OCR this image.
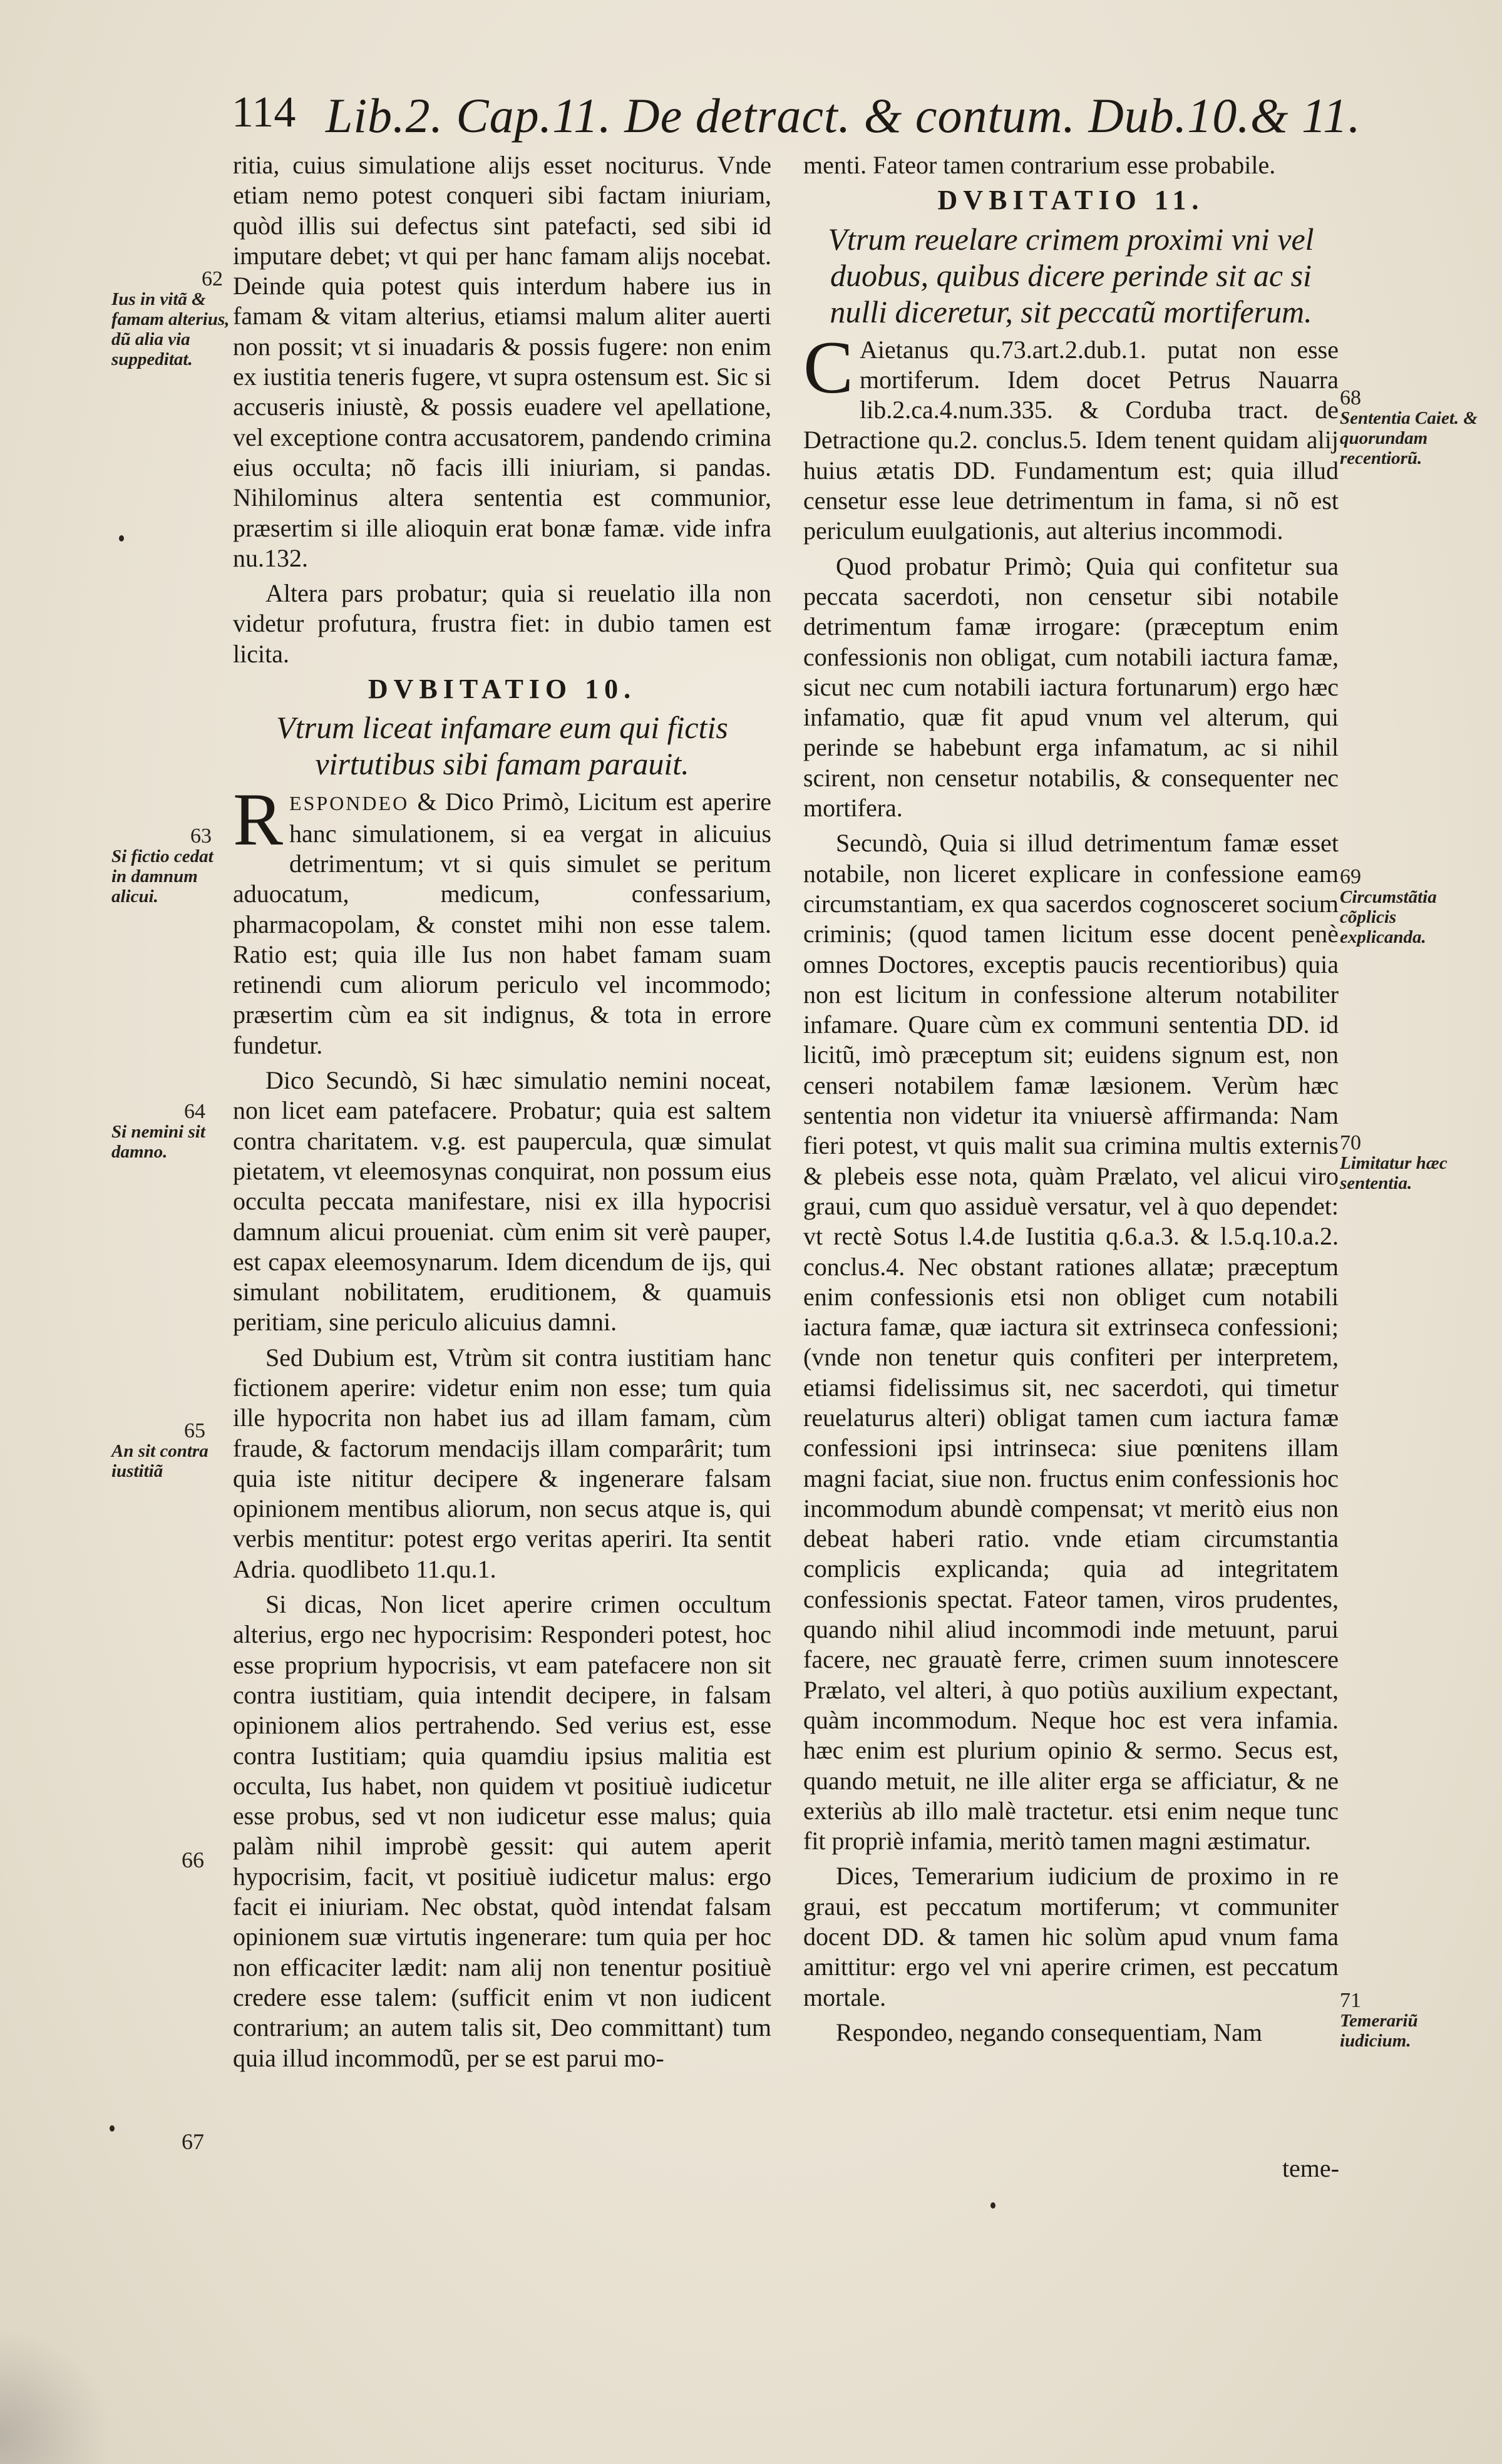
114 Lib.2. Cap.11. De detract. & contum. Dub.10.& 11.

ritia, cuius simulatione alijs esset nociturus. Vnde etiam nemo potest conqueri sibi factam iniuriam, quòd illis sui defectus sint patefacti, sed sibi id imputare debet; vt qui per hanc famam alijs nocebat. Deinde quia potest quis interdum habere ius in famam & vitam alterius, etiamsi malum aliter auerti non possit; vt si inuadaris & possis fugere: non enim ex iustitia teneris fugere, vt supra ostensum est. Sic si accuseris iniustè, & possis euadere vel apellatione, vel exceptione contra accusatorem, pandendo crimina eius occulta; nõ facis illi iniuriam, si pandas. Nihilominus altera sententia est communior, præsertim si ille alioquin erat bonæ famæ. vide infra nu.132.

Altera pars probatur; quia si reuelatio illa non videtur profutura, frustra fiet: in dubio tamen est licita.

DVBITATIO 10.

Vtrum liceat infamare eum qui fictis virtutibus sibi famam parauit.

RESPONDEO & Dico Primò, Licitum est aperire hanc simulationem, si ea vergat in alicuius detrimentum; vt si quis simulet se peritum aduocatum, medicum, confessarium, pharmacopolam, & constet mihi non esse talem. Ratio est; quia ille Ius non habet famam suam retinendi cum aliorum periculo vel incommodo; præsertim cùm ea sit indignus, & tota in errore fundetur.

Dico Secundò, Si hæc simulatio nemini noceat, non licet eam patefacere. Probatur; quia est saltem contra charitatem. v.g. est paupercula, quæ simulat pietatem, vt eleemosynas conquirat, non possum eius occulta peccata manifestare, nisi ex illa hypocrisi damnum alicui proueniat. cùm enim sit verè pauper, est capax eleemosynarum. Idem dicendum de ijs, qui simulant nobilitatem, eruditionem, & quamuis peritiam, sine periculo alicuius damni.

Sed Dubium est, Vtrùm sit contra iustitiam hanc fictionem aperire: videtur enim non esse; tum quia ille hypocrita non habet ius ad illam famam, cùm fraude, & factorum mendacijs illam comparârit; tum quia iste nititur decipere & ingenerare falsam opinionem mentibus aliorum, non secus atque is, qui verbis mentitur: potest ergo veritas aperiri. Ita sentit Adria. quodlibeto 11.qu.1.

Si dicas, Non licet aperire crimen occultum alterius, ergo nec hypocrisim: Responderi potest, hoc esse proprium hypocrisis, vt eam patefacere non sit contra iustitiam, quia intendit decipere, in falsam opinionem alios pertrahendo. Sed verius est, esse contra Iustitiam; quia quamdiu ipsius malitia est occulta, Ius habet, non quidem vt positiuè iudicetur esse probus, sed vt non iudicetur esse malus; quia palàm nihil improbè gessit: qui autem aperit hypocrisim, facit, vt positiuè iudicetur malus: ergo facit ei iniuriam. Nec obstat, quòd intendat falsam opinionem suæ virtutis ingenerare: tum quia per hoc non efficaciter lædit: nam alij non tenentur positiuè credere esse talem: (sufficit enim vt non iudicent contrarium; an autem talis sit, Deo committant) tum quia illud incommodũ, per se est parui mo-

menti. Fateor tamen contrarium esse probabile.

DVBITATIO 11.

Vtrum reuelare crimem proximi vni vel duobus, quibus dicere perinde sit ac si nulli diceretur, sit peccatũ mortiferum.

C Aietanus qu.73.art.2.dub.1. putat non esse mortiferum. Idem docet Petrus Nauarra lib.2.ca.4.num.335. & Corduba tract. de Detractione qu.2. conclus.5. Idem tenent quidam alij huius ætatis DD. Fundamentum est; quia illud censetur esse leue detrimentum in fama, si nõ est periculum euulgationis, aut alterius incommodi.

Quod probatur Primò; Quia qui confitetur sua peccata sacerdoti, non censetur sibi notabile detrimentum famæ irrogare: (præceptum enim confessionis non obligat, cum notabili iactura famæ, sicut nec cum notabili iactura fortunarum) ergo hæc infamatio, quæ fit apud vnum vel alterum, qui perinde se habebunt erga infamatum, ac si nihil scirent, non censetur notabilis, & consequenter nec mortifera.

Secundò, Quia si illud detrimentum famæ esset notabile, non liceret explicare in confessione eam circumstantiam, ex qua sacerdos cognosceret socium criminis; (quod tamen licitum esse docent penè omnes Doctores, exceptis paucis recentioribus) quia non est licitum in confessione alterum notabiliter infamare. Quare cùm ex communi sententia DD. id licitũ, imò præceptum sit; euidens signum est, non censeri notabilem famæ læsionem. Verùm hæc sententia non videtur ita vniuersè affirmanda: Nam fieri potest, vt quis malit sua crimina multis externis & plebeis esse nota, quàm Prælato, vel alicui viro graui, cum quo assiduè versatur, vel à quo dependet: vt rectè Sotus l.4.de Iustitia q.6.a.3. & l.5.q.10.a.2. conclus.4. Nec obstant rationes allatæ; præceptum enim confessionis etsi non obliget cum notabili iactura famæ, quæ iactura sit extrinseca confessioni; (vnde non tenetur quis confiteri per interpretem, etiamsi fidelissimus sit, nec sacerdoti, qui timetur reuelaturus alteri) obligat tamen cum iactura famæ confessioni ipsi intrinseca: siue pœnitens illam magni faciat, siue non. fructus enim confessionis hoc incommodum abundè compensat; vt meritò eius non debeat haberi ratio. vnde etiam circumstantia complicis explicanda; quia ad integritatem confessionis spectat. Fateor tamen, viros prudentes, quando nihil aliud incommodi inde metuunt, parui facere, nec grauatè ferre, crimen suum innotescere Prælato, vel alteri, à quo potiùs auxilium expectant, quàm incommodum. Neque hoc est vera infamia. hæc enim est plurium opinio & sermo. Secus est, quando metuit, ne ille aliter erga se afficiatur, & ne exteriùs ab illo malè tractetur. etsi enim neque tunc fit propriè infamia, meritò tamen magni æstimatur.

Dices, Temerarium iudicium de proximo in re graui, est peccatum mortiferum; vt communiter docent DD. & tamen hic solùm apud vnum fama amittitur: ergo vel vni aperire crimen, est peccatum mortale.

Respondeo, negando consequentiam, Nam

teme-
62
Ius in vitã & famam alterius, dũ alia via suppeditat.
63
Si fictio cedat in damnum alicui.
64
Si nemini sit damno.
65
An sit contra iustitiã
66
67
68
Sententia Caiet. & quorundam recentiorũ.
69
Circumstãtia cõplicis explicanda.
70
Limitatur hæc sententia.
71
Temerariũ iudicium.
